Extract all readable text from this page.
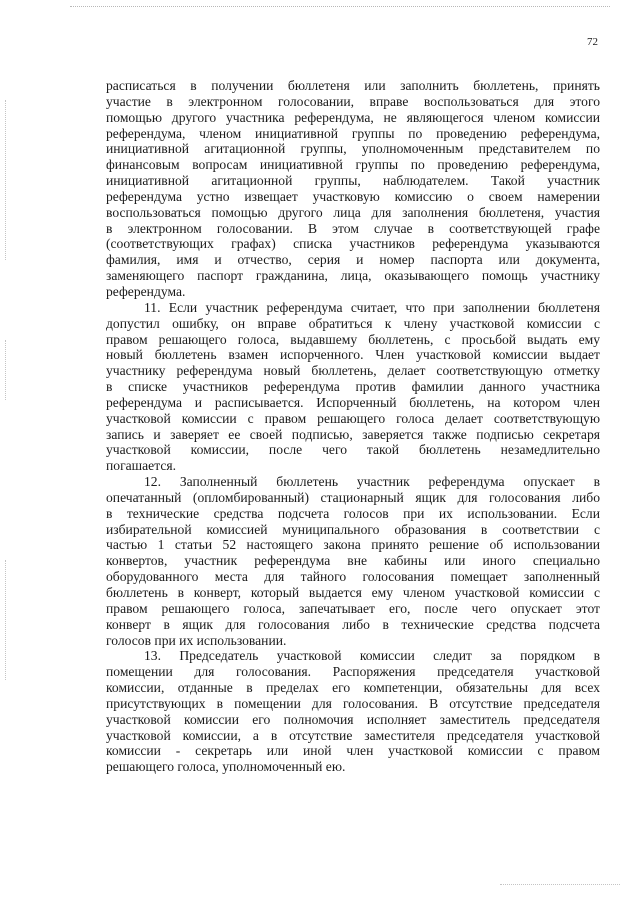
72
расписаться в получении бюллетеня или заполнить бюллетень, принять
участие в электронном голосовании, вправе воспользоваться для этого
помощью другого участника референдума, не являющегося членом комиссии
референдума, членом инициативной группы по проведению референдума,
инициативной агитационной группы, уполномоченным представителем по
финансовым вопросам инициативной группы по проведению референдума,
инициативной агитационной группы, наблюдателем. Такой участник
референдума устно извещает участковую комиссию о своем намерении
воспользоваться помощью другого лица для заполнения бюллетеня, участия
в электронном голосовании. В этом случае в соответствующей графе
(соответствующих графах) списка участников референдума указываются
фамилия, имя и отчество, серия и номер паспорта или документа,
заменяющего паспорт гражданина, лица, оказывающего помощь участнику
референдума.
11. Если участник референдума считает, что при заполнении бюллетеня
допустил ошибку, он вправе обратиться к члену участковой комиссии с
правом решающего голоса, выдавшему бюллетень, с просьбой выдать ему
новый бюллетень взамен испорченного. Член участковой комиссии выдает
участнику референдума новый бюллетень, делает соответствующую отметку
в списке участников референдума против фамилии данного участника
референдума и расписывается. Испорченный бюллетень, на котором член
участковой комиссии с правом решающего голоса делает соответствующую
запись и заверяет ее своей подписью, заверяется также подписью секретаря
участковой комиссии, после чего такой бюллетень незамедлительно
погашается.
12. Заполненный бюллетень участник референдума опускает в
опечатанный (опломбированный) стационарный ящик для голосования либо
в технические средства подсчета голосов при их использовании. Если
избирательной комиссией муниципального образования в соответствии с
частью 1 статьи 52 настоящего закона принято решение об использовании
конвертов, участник референдума вне кабины или иного специально
оборудованного места для тайного голосования помещает заполненный
бюллетень в конверт, который выдается ему членом участковой комиссии с
правом решающего голоса, запечатывает его, после чего опускает этот
конверт в ящик для голосования либо в технические средства подсчета
голосов при их использовании.
13. Председатель участковой комиссии следит за порядком в
помещении для голосования. Распоряжения председателя участковой
комиссии, отданные в пределах его компетенции, обязательны для всех
присутствующих в помещении для голосования. В отсутствие председателя
участковой комиссии его полномочия исполняет заместитель председателя
участковой комиссии, а в отсутствие заместителя председателя участковой
комиссии - секретарь или иной член участковой комиссии с правом
решающего голоса, уполномоченный ею.
